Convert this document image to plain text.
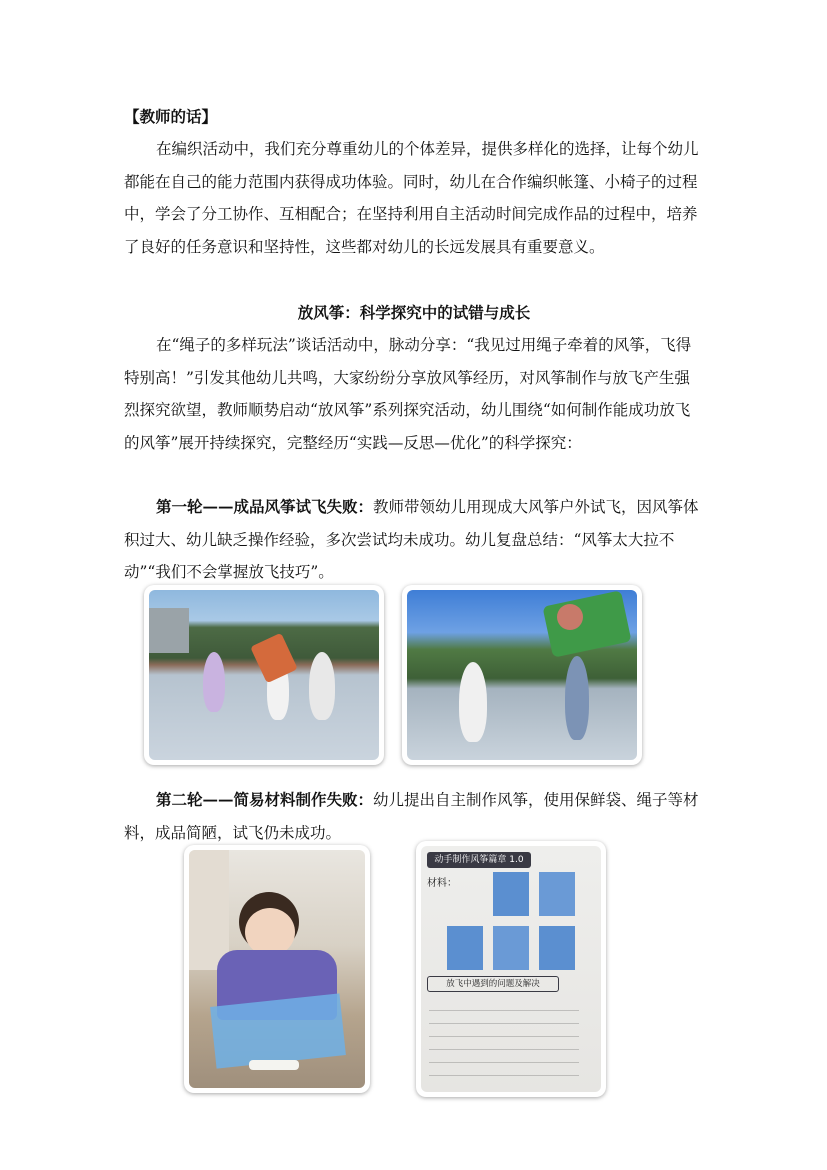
【教师的话】
在编织活动中，我们充分尊重幼儿的个体差异，提供多样化的选择，让每个幼儿都能在自己的能力范围内获得成功体验。同时，幼儿在合作编织帐篷、小椅子的过程中，学会了分工协作、互相配合；在坚持利用自主活动时间完成作品的过程中，培养了良好的任务意识和坚持性，这些都对幼儿的长远发展具有重要意义。
放风筝：科学探究中的试错与成长
在“绳子的多样玩法”谈话活动中，脉动分享：“我见过用绳子牵着的风筝，飞得特别高！”引发其他幼儿共鸣，大家纷纷分享放风筝经历，对风筝制作与放飞产生强烈探究欲望，教师顺势启动“放风筝”系列探究活动，幼儿围绕“如何制作能成功放飞的风筝”展开持续探究，完整经历“实践—反思—优化”的科学探究：
第一轮——成品风筝试飞失败：教师带领幼儿用现成大风筝户外试飞，因风筝体积过大、幼儿缺乏操作经验，多次尝试均未成功。幼儿复盘总结：“风筝太大拉不动”“我们不会掌握放飞技巧”。
第二轮——简易材料制作失败：幼儿提出自主制作风筝，使用保鲜袋、绳子等材料，成品简陋，试飞仍未成功。
动手制作风筝篇章 1.0
材料：
放飞中遇到的问题及解决
